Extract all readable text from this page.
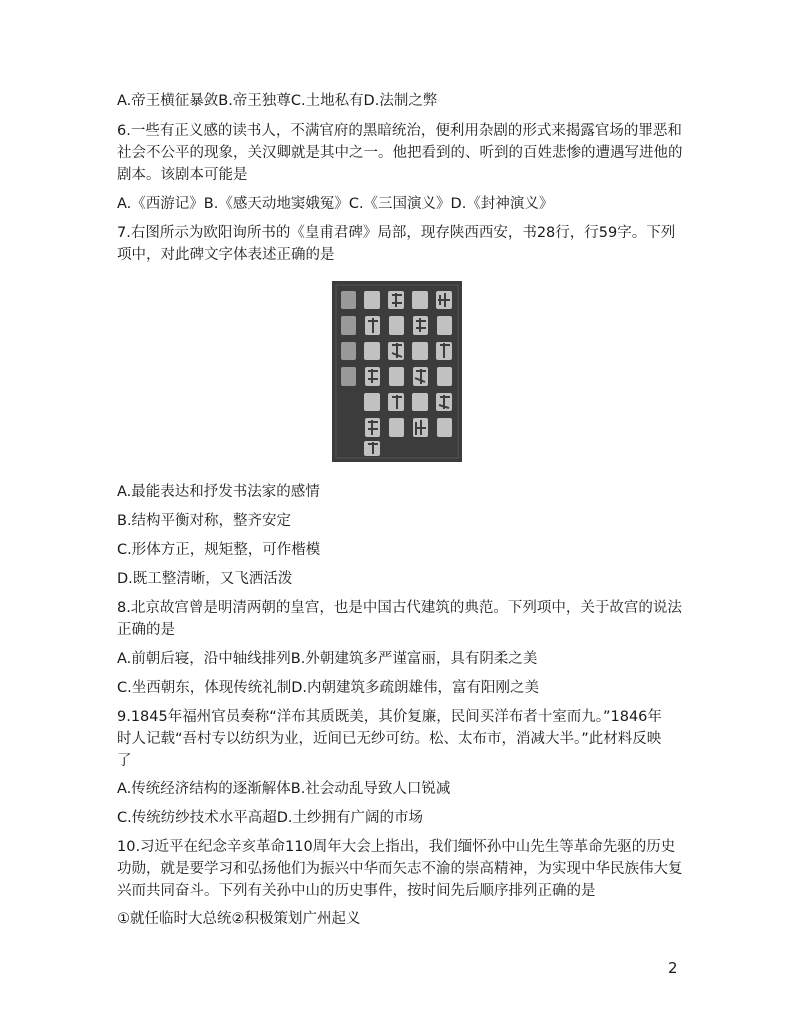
A.帝王横征暴敛B.帝王独尊C.土地私有D.法制之弊
6.一些有正义感的读书人，不满官府的黑暗统治，便利用杂剧的形式来揭露官场的罪恶和
社会不公平的现象，关汉卿就是其中之一。他把看到的、听到的百姓悲惨的遭遇写进他的
剧本。该剧本可能是
A.《西游记》B.《感天动地窦娥冤》C.《三国演义》D.《封神演义》
7.右图所示为欧阳询所书的《皇甫君碑》局部，现存陕西西安，书28行，行59字。下列
项中，对此碑文字体表述正确的是
A.最能表达和抒发书法家的感情
B.结构平衡对称，整齐安定
C.形体方正，规矩整，可作楷模
D.既工整清晰，又飞洒活泼
8.北京故宫曾是明清两朝的皇宫，也是中国古代建筑的典范。下列项中，关于故宫的说法
正确的是
A.前朝后寝，沿中轴线排列B.外朝建筑多严谨富丽，具有阴柔之美
C.坐西朝东，体现传统礼制D.内朝建筑多疏朗雄伟，富有阳刚之美
9.1845年福州官员奏称“洋布其质既美，其价复廉，民间买洋布者十室而九。”1846年
时人记载“吾村专以纺织为业，近间已无纱可纺。松、太布市，消减大半。”此材料反映
了
A.传统经济结构的逐渐解体B.社会动乱导致人口锐减
C.传统纺纱技术水平高超D.土纱拥有广阔的市场
10.习近平在纪念辛亥革命110周年大会上指出，我们缅怀孙中山先生等革命先驱的历史
功勋，就是要学习和弘扬他们为振兴中华而矢志不渝的崇高精神，为实现中华民族伟大复
兴而共同奋斗。下列有关孙中山的历史事件，按时间先后顺序排列正确的是
①就任临时大总统②积极策划广州起义
2
